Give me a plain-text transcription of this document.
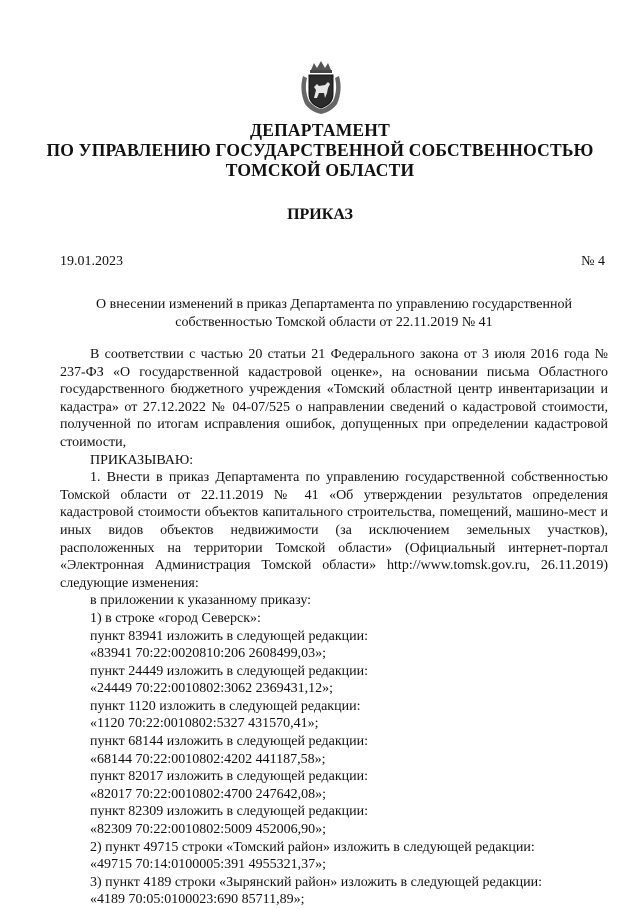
ДЕПАРТАМЕНТ
ПО УПРАВЛЕНИЮ ГОСУДАРСТВЕННОЙ СОБСТВЕННОСТЬЮ
ТОМСКОЙ ОБЛАСТИ
ПРИКАЗ
19.01.2023	№ 4
О внесении изменений в приказ Департамента по управлению государственной
собственностью Томской области от 22.11.2019 № 41

В соответствии с частью 20 статьи 21 Федерального закона от 3 июля 2016 года № 237-ФЗ «О государственной кадастровой оценке», на основании письма Областного государственного бюджетного учреждения «Томский областной центр инвентаризации и кадастра» от 27.12.2022 № 04-07/525 о направлении сведений о кадастровой стоимости, полученной по итогам исправления ошибок, допущенных при определении кадастровой стоимости,

ПРИКАЗЫВАЮ:

1. Внести в приказ Департамента по управлению государственной собственностью Томской области от 22.11.2019 № 41 «Об утверждении результатов определения кадастровой стоимости объектов капитального строительства, помещений, машино-мест и иных видов объектов недвижимости (за исключением земельных участков), расположенных на территории Томской области» (Официальный интернет-портал «Электронная Администрация Томской области» http://www.tomsk.gov.ru, 26.11.2019) следующие изменения:

в приложении к указанному приказу:

1) в строке «город Северск»:

пункт 83941 изложить в следующей редакции:

«83941 70:22:0020810:206 2608499,03»;

пункт 24449 изложить в следующей редакции:

«24449 70:22:0010802:3062 2369431,12»;

пункт 1120 изложить в следующей редакции:

«1120 70:22:0010802:5327 431570,41»;

пункт 68144 изложить в следующей редакции:

«68144 70:22:0010802:4202 441187,58»;

пункт 82017 изложить в следующей редакции:

«82017 70:22:0010802:4700 247642,08»;

пункт 82309 изложить в следующей редакции:

«82309 70:22:0010802:5009 452006,90»;

2) пункт 49715 строки «Томский район» изложить в следующей редакции:

«49715 70:14:0100005:391 4955321,37»;

3) пункт 4189 строки «Зырянский район» изложить в следующей редакции:

«4189 70:05:0100023:690 85711,89»;
